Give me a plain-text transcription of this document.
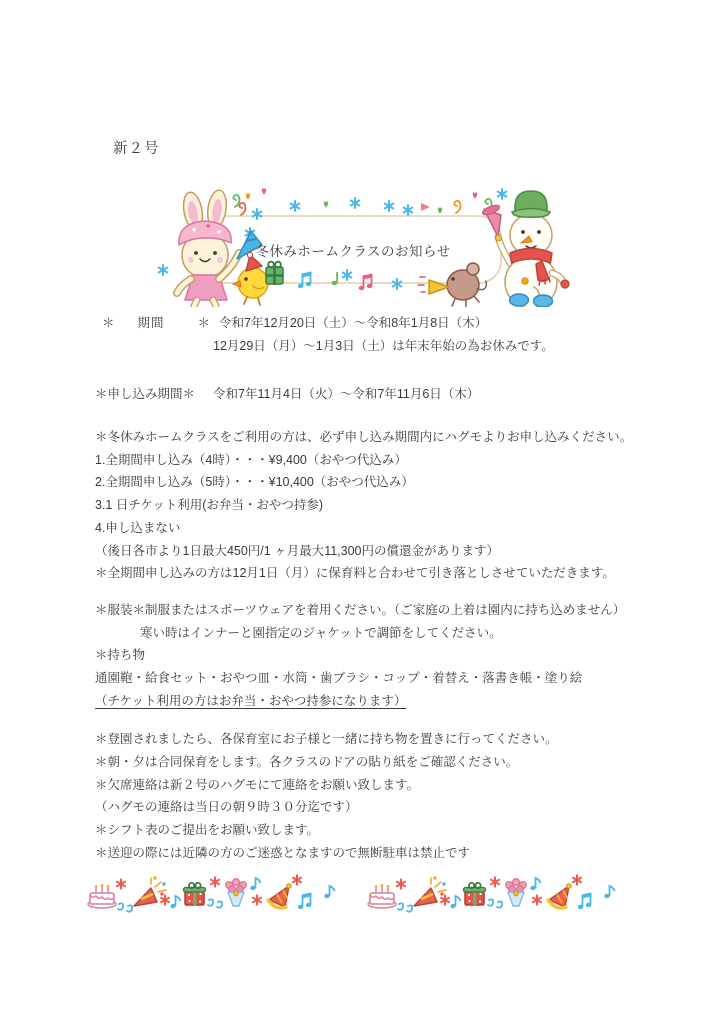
新２号
冬休みホームクラスのお知らせ
＊ 期間	＊ 令和7年12月20日（土）～令和8年1月8日（木）
12月29日（月）～1月3日（土）は年末年始の為お休みです。
＊申し込み期間＊ 令和7年11月4日（火）～令和7年11月6日（木）
＊冬休みホームクラスをご利用の方は、必ず申し込み期間内にハグモよりお申し込みください。
1.全期間申し込み（4時）・・・¥9,400（おやつ代込み）
2.全期間申し込み（5時）・・・¥10,400（おやつ代込み）
3.1 日チケット利用(お弁当・おやつ持参)
4.申し込まない
（後日各市より1日最大450円/1 ヶ月最大11,300円の償還金があります）
＊全期間申し込みの方は12月1日（月）に保育料と合わせて引き落としさせていただきます。
＊服装＊制服またはスポーツウェアを着用ください。（ご家庭の上着は園内に持ち込めません）
寒い時はインナーと園指定のジャケットで調節をしてください。
＊持ち物
通園鞄・給食セット・おやつ皿・水筒・歯ブラシ・コップ・着替え・落書き帳・塗り絵
（チケット利用の方はお弁当・おやつ持参になります）
＊登園されましたら、各保育室にお子様と一緒に持ち物を置きに行ってください。
＊朝・夕は合同保育をします。各クラスのドアの貼り紙をご確認ください。
＊欠席連絡は新２号のハグモにて連絡をお願い致します。
（ハグモの連絡は当日の朝９時３０分迄です）
＊シフト表のご提出をお願い致します。
＊送迎の際には近隣の方のご迷惑となますので無断駐車は禁止です
